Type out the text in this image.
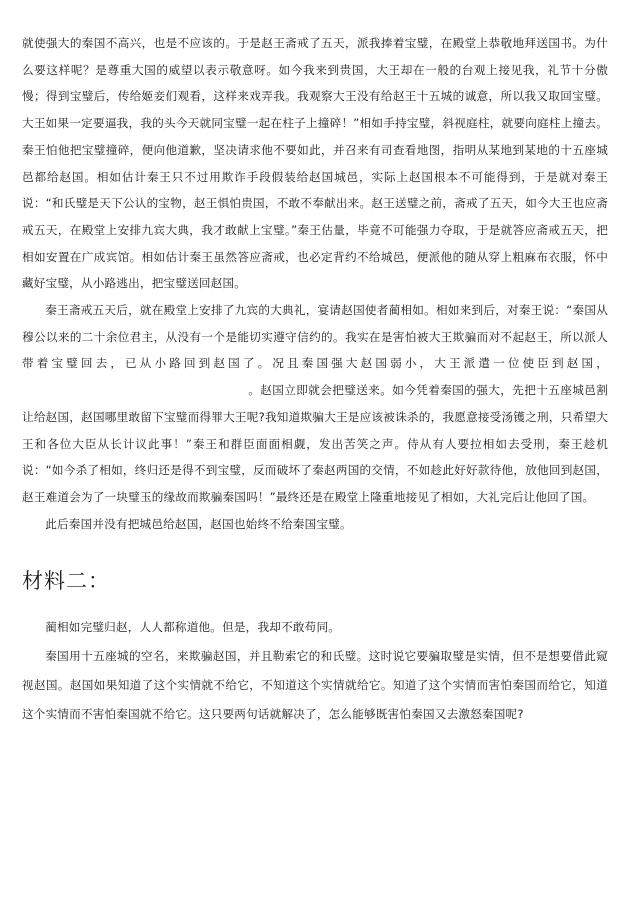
就使强大的秦国不高兴，也是不应该的。于是赵王斋戒了五天，派我捧着宝璧，在殿堂上恭敬地拜送国书。为什么要这样呢？是尊重大国的威望以表示敬意呀。如今我来到贵国，大王却在一般的台观上接见我，礼节十分傲慢；得到宝璧后，传给姬妾们观看，这样来戏弄我。我观察大王没有给赵王十五城的诚意，所以我又取回宝璧。大王如果一定要逼我，我的头今天就同宝璧一起在柱子上撞碎！”相如手持宝璧，斜视庭柱，就要向庭柱上撞去。秦王怕他把宝璧撞碎，便向他道歉，坚决请求他不要如此，并召来有司查看地图，指明从某地到某地的十五座城邑都给赵国。相如估计秦王只不过用欺诈手段假装给赵国城邑，实际上赵国根本不可能得到，于是就对秦王说：“和氏璧是天下公认的宝物，赵王惧怕贵国，不敢不奉献出来。赵王送璧之前，斋戒了五天，如今大王也应斋戒五天，在殿堂上安排九宾大典，我才敢献上宝璧。”秦王估量，毕竟不可能强力夺取，于是就答应斋戒五天，把相如安置在广成宾馆。相如估计秦王虽然答应斋戒，也必定背约不给城邑，便派他的随从穿上粗麻布衣服，怀中藏好宝璧，从小路逃出，把宝璧送回赵国。

秦王斋戒五天后，就在殿堂上安排了九宾的大典礼，宴请赵国使者蔺相如。相如来到后，对秦王说：“秦国从穆公以来的二十余位君主，从没有一个是能切实遵守信约的。我实在是害怕被大王欺骗而对不起赵王，所以派人带着宝璧回去，已从小路回到赵国了。况且秦国强大赵国弱小，大王派遣一位使臣到赵国，。赵国立即就会把璧送来。如今凭着秦国的强大，先把十五座城邑割让给赵国，赵国哪里敢留下宝璧而得罪大王呢?我知道欺骗大王是应该被诛杀的，我愿意接受汤镬之刑，只希望大王和各位大臣从长计议此事！”秦王和群臣面面相觑，发出苦笑之声。侍从有人要拉相如去受刑，秦王趁机说：“如今杀了相如，终归还是得不到宝璧，反而破坏了秦赵两国的交情，不如趁此好好款待他，放他回到赵国，赵王难道会为了一块璧玉的缘故而欺骗秦国吗！”最终还是在殿堂上隆重地接见了相如，大礼完后让他回了国。

此后秦国并没有把城邑给赵国，赵国也始终不给秦国宝璧。

材料二：

蔺相如完璧归赵，人人都称道他。但是，我却不敢苟同。

秦国用十五座城的空名，来欺骗赵国，并且勒索它的和氏璧。这时说它要骗取璧是实情，但不是想要借此窥视赵国。赵国如果知道了这个实情就不给它，不知道这个实情就给它。知道了这个实情而害怕秦国而给它，知道这个实情而不害怕秦国就不给它。这只要两句话就解决了，怎么能够既害怕秦国又去激怒秦国呢?
